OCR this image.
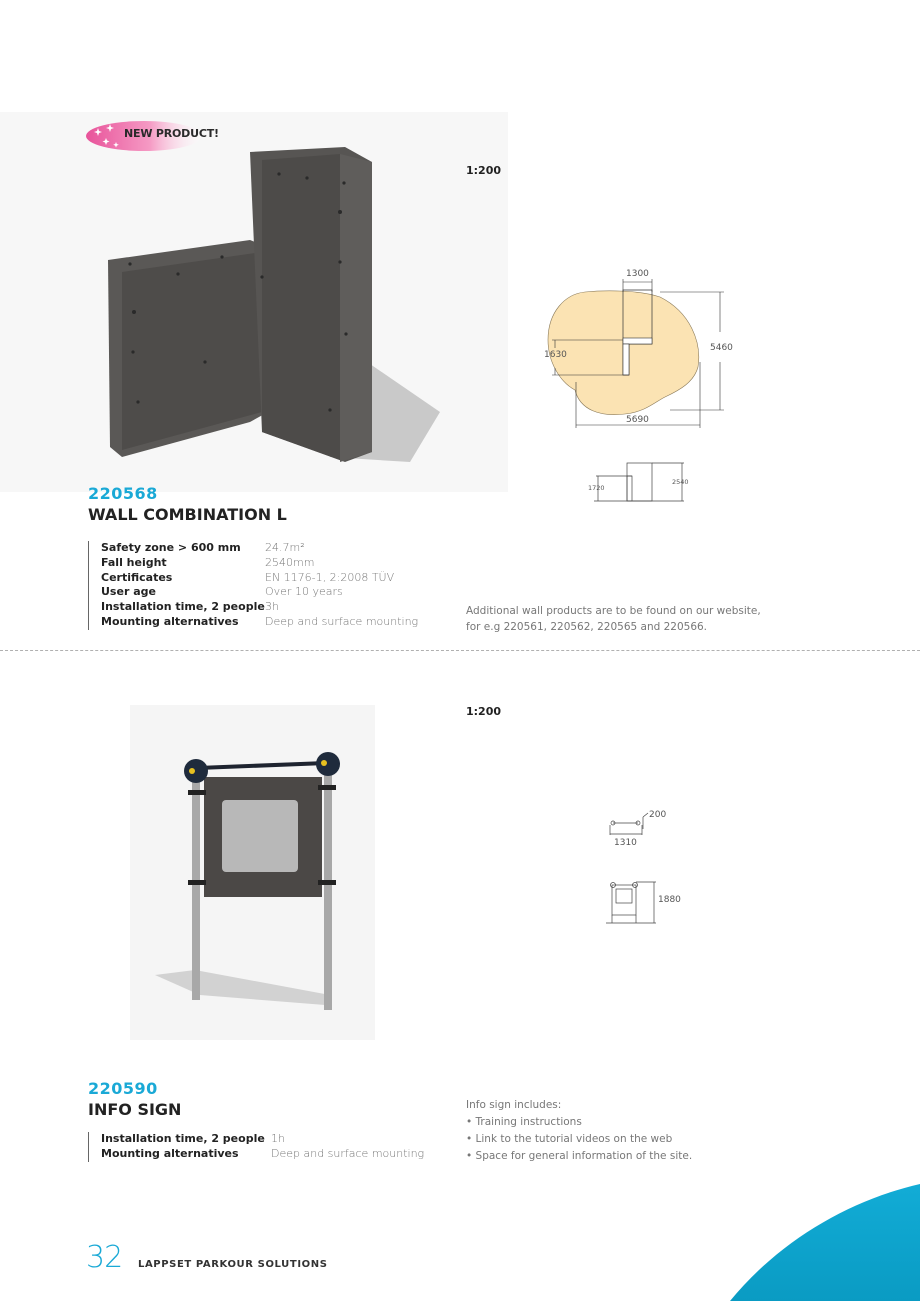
NEW PRODUCT!
1:200
1300
5460
1630
5690
1720
2540
220568
WALL COMBINATION L
Safety zone > 600 mm	24.7m²
Fall height	2540mm
Certificates	EN 1176-1, 2:2008 TÜV
User age	Over 10 years
Installation time, 2 people 3h
Mounting alternatives	Deep and surface mounting
Additional wall products are to be found on our website,
for e.g 220561, 220562, 220565 and 220566.
1:200
200
1310
1880
220590
INFO SIGN
Installation time, 2 people 1h
Mounting alternatives	Deep and surface mounting
Info sign includes:
• Training instructions
• Link to the tutorial videos on the web
• Space for general information of the site.
32 LAPPSET PARKOUR SOLUTIONS
